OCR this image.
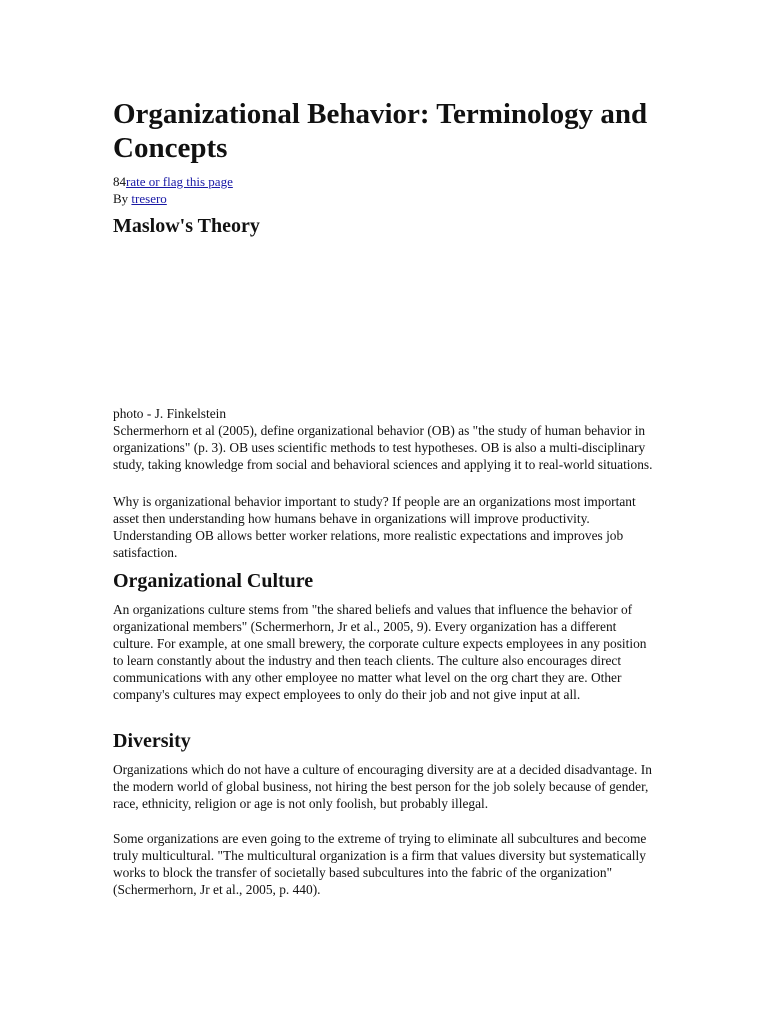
Organizational Behavior: Terminology and Concepts
84rate or flag this page
By tresero
Maslow's Theory

photo - J. Finkelstein

Schermerhorn et al (2005), define organizational behavior (OB) as "the study of human behavior in organizations" (p. 3). OB uses scientific methods to test hypotheses. OB is also a multi-disciplinary study, taking knowledge from social and behavioral sciences and applying it to real-world situations.

Why is organizational behavior important to study? If people are an organizations most important asset then understanding how humans behave in organizations will improve productivity. Understanding OB allows better worker relations, more realistic expectations and improves job satisfaction.

Organizational Culture

An organizations culture stems from "the shared beliefs and values that influence the behavior of organizational members" (Schermerhorn, Jr et al., 2005, 9). Every organization has a different culture. For example, at one small brewery, the corporate culture expects employees in any position to learn constantly about the industry and then teach clients. The culture also encourages direct communications with any other employee no matter what level on the org chart they are. Other company's cultures may expect employees to only do their job and not give input at all.

Diversity

Organizations which do not have a culture of encouraging diversity are at a decided disadvantage. In the modern world of global business, not hiring the best person for the job solely because of gender, race, ethnicity, religion or age is not only foolish, but probably illegal.

Some organizations are even going to the extreme of trying to eliminate all subcultures and become truly multicultural. "The multicultural organization is a firm that values diversity but systematically works to block the transfer of societally based subcultures into the fabric of the organization" (Schermerhorn, Jr et al., 2005, p. 440).
